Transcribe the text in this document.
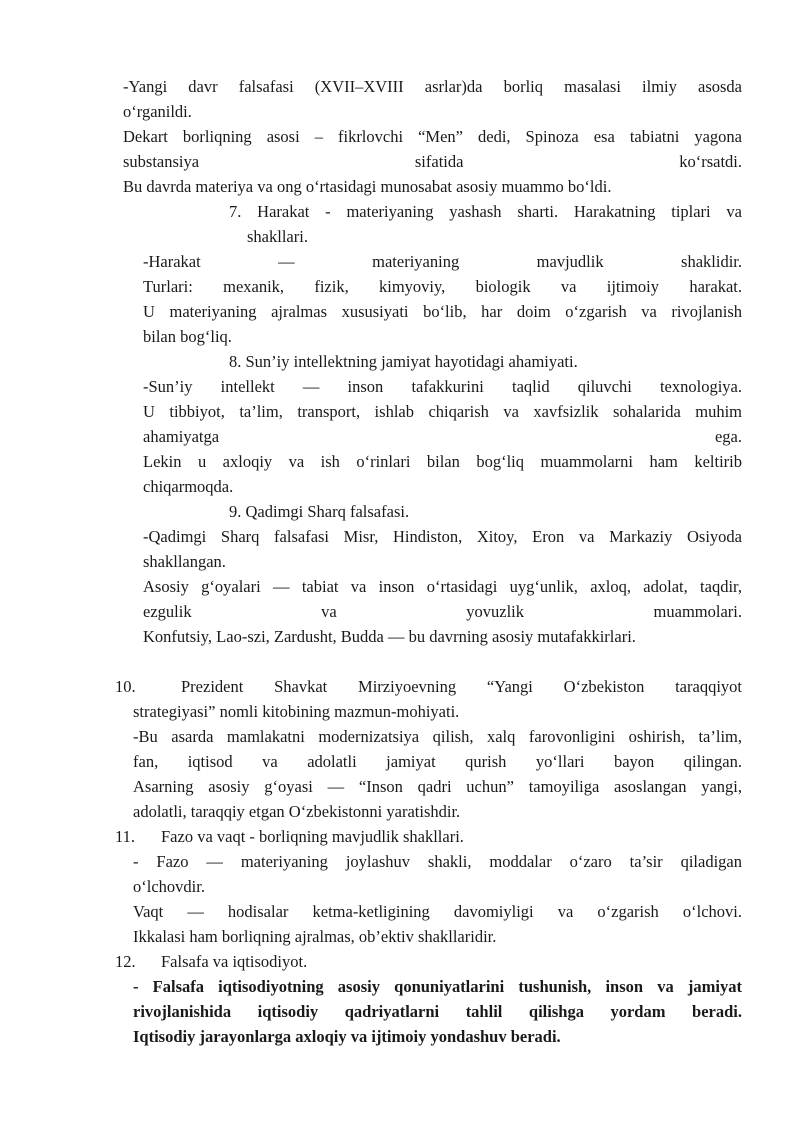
-Yangi davr falsafasi (XVII–XVIII asrlar)da borliq masalasi ilmiy asosda
o‘rganildi.
Dekart borliqning asosi – fikrlovchi “Men” dedi, Spinoza esa tabiatni yagona
substansiya sifatida ko‘rsatdi.
Bu davrda materiya va ong o‘rtasidagi munosabat asosiy muammo bo‘ldi.
7. Harakat - materiyaning yashash sharti. Harakatning tiplari va
shakllari.
-Harakat — materiyaning mavjudlik shaklidir.
Turlari: mexanik, fizik, kimyoviy, biologik va ijtimoiy harakat.
U materiyaning ajralmas xususiyati bo‘lib, har doim o‘zgarish va rivojlanish
bilan bog‘liq.
8. Sun’iy intellektning jamiyat hayotidagi ahamiyati.
-Sun’iy intellekt — inson tafakkurini taqlid qiluvchi texnologiya.
U tibbiyot, ta’lim, transport, ishlab chiqarish va xavfsizlik sohalarida muhim
ahamiyatga ega.
Lekin u axloqiy va ish o‘rinlari bilan bog‘liq muammolarni ham keltirib
chiqarmoqda.
9. Qadimgi Sharq falsafasi.
-Qadimgi Sharq falsafasi Misr, Hindiston, Xitoy, Eron va Markaziy Osiyoda
shakllangan.
Asosiy g‘oyalari — tabiat va inson o‘rtasidagi uyg‘unlik, axloq, adolat, taqdir,
ezgulik va yovuzlik muammolari.
Konfutsiy, Lao-szi, Zardusht, Budda — bu davrning asosiy mutafakkirlari.
10.	Prezident Shavkat Mirziyoevning “Yangi O‘zbekiston taraqqiyot
strategiyasi” nomli kitobining mazmun-mohiyati.
-Bu asarda mamlakatni modernizatsiya qilish, xalq farovonligini oshirish, ta’lim,
fan, iqtisod va adolatli jamiyat qurish yo‘llari bayon qilingan.
Asarning asosiy g‘oyasi — “Inson qadri uchun” tamoyiliga asoslangan yangi,
adolatli, taraqqiy etgan O‘zbekistonni yaratishdir.
11. Fazo va vaqt - borliqning mavjudlik shakllari.
- Fazo — materiyaning joylashuv shakli, moddalar o‘zaro ta’sir qiladigan
o‘lchovdir.
Vaqt — hodisalar ketma-ketligining davomiyligi va o‘zgarish o‘lchovi.
Ikkalasi ham borliqning ajralmas, ob’ektiv shakllaridir.
12. Falsafa va iqtisodiyot.
- Falsafa iqtisodiyotning asosiy qonuniyatlarini tushunish, inson va jamiyat
rivojlanishida iqtisodiy qadriyatlarni tahlil qilishga yordam beradi.
Iqtisodiy jarayonlarga axloqiy va ijtimoiy yondashuv beradi.
